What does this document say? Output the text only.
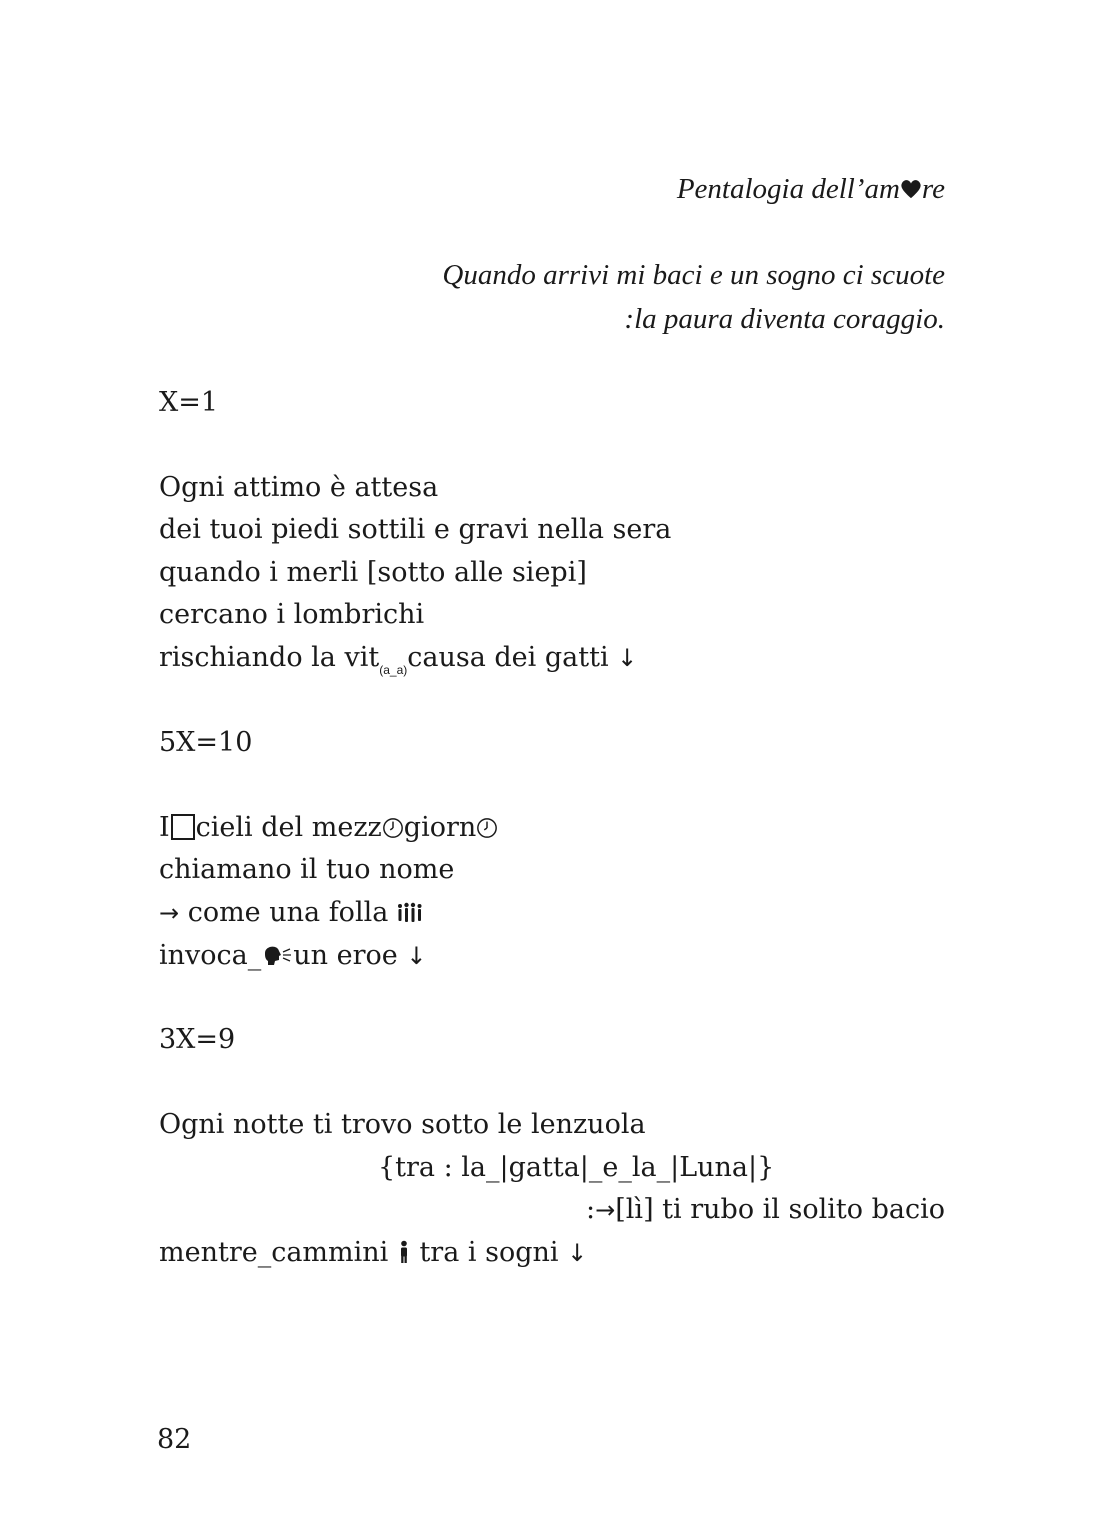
Pentalogia dell’am re
Quando arrivi mi baci e un sogno ci scuote
:la paura diventa coraggio.
X=1
Ogni attimo è attesa
dei tuoi piedi sottili e gravi nella sera
quando i merli [sotto alle siepi]
cercano i lombrichi
rischiando la vit$_{(a\_a)}$causa dei gatti ↓
5X=10
I cieli del mezz giorn
chiamano il tuo nome
→ come una folla
invoca_ un eroe ↓
3X=9
Ogni notte ti trovo sotto le lenzuola
{tra : la_|gatta|_e_la_|Luna|}
:→[lì] ti rubo il solito bacio
mentre_cammini  tra i sogni ↓
82
